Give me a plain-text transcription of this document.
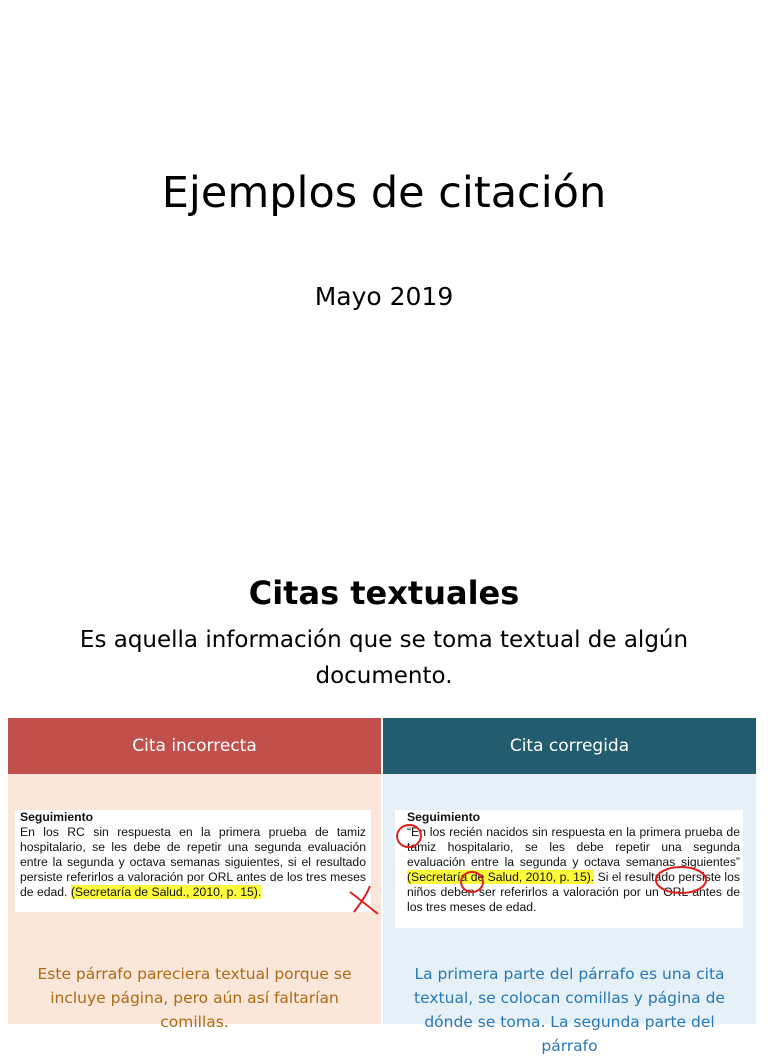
Ejemplos de citación

Mayo 2019

Citas textuales

Es aquella información que se toma textual de algún documento.

Cita incorrecta
Seguimiento
En los RC sin respuesta en la primera prueba de tamiz hospitalario, se les debe de repetir una segunda evaluación entre la segunda y octava semanas siguientes, si el resultado persiste referirlos a valoración por ORL antes de los tres meses de edad. (Secretaría de Salud., 2010, p. 15).
Este párrafo pareciera textual porque se incluye página, pero aún así faltarían comillas.
Cita corregida
Seguimiento
“En los recién nacidos sin respuesta en la primera prueba de tamiz hospitalario, se les debe repetir una segunda evaluación entre la segunda y octava semanas siguientes” (Secretaría de Salud, 2010, p. 15). Si el resultado persiste los niños deben ser referirlos a valoración por un ORL antes de los tres meses de edad.
La primera parte del párrafo es una cita textual, se colocan comillas y página de dónde se toma. La segunda parte del párrafo
